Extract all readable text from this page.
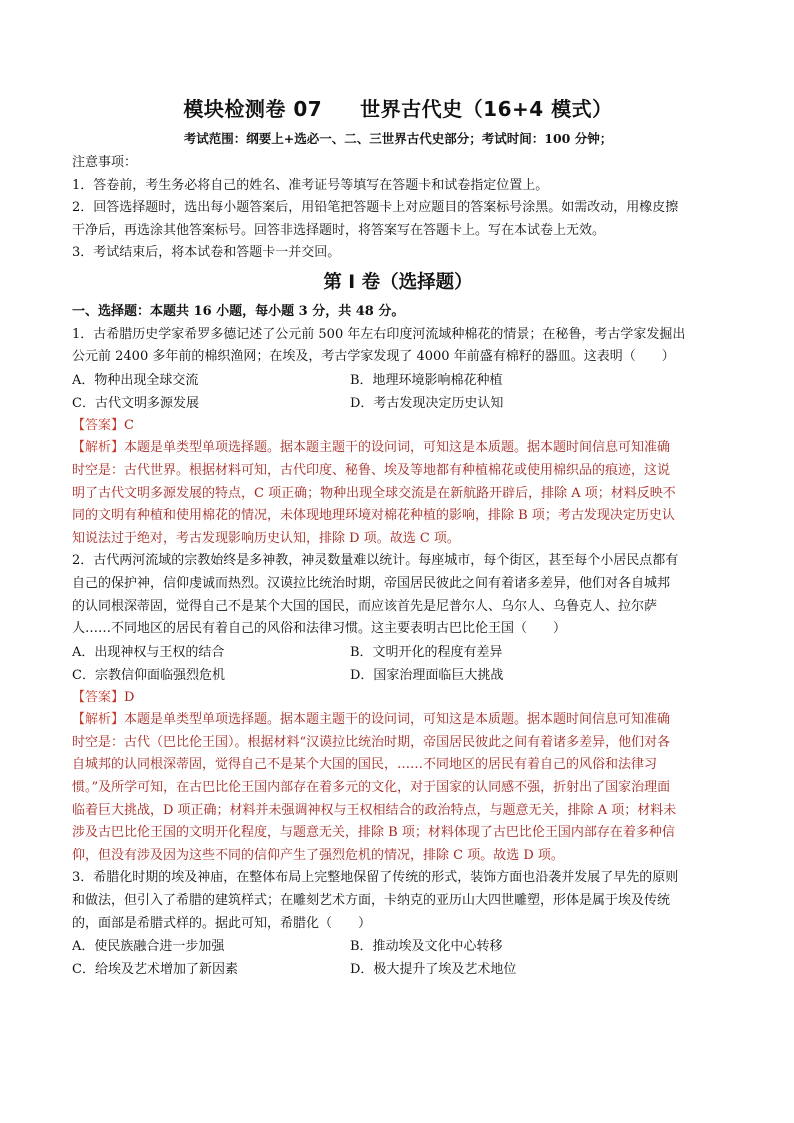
模块检测卷 07 世界古代史（16+4 模式）
考试范围：纲要上+选必一、二、三世界古代史部分；考试时间：100 分钟；
注意事项：
1．答卷前，考生务必将自己的姓名、准考证号等填写在答题卡和试卷指定位置上。
2．回答选择题时，选出每小题答案后，用铅笔把答题卡上对应题目的答案标号涂黑。如需改动，用橡皮擦
干净后，再选涂其他答案标号。回答非选择题时，将答案写在答题卡上。写在本试卷上无效。
3．考试结束后，将本试卷和答题卡一并交回。
第 I 卷（选择题）
一、选择题：本题共 16 小题，每小题 3 分，共 48 分。
1．古希腊历史学家希罗多德记述了公元前 500 年左右印度河流域种棉花的情景；在秘鲁，考古学家发掘出
公元前 2400 多年前的棉织渔网；在埃及，考古学家发现了 4000 年前盛有棉籽的器皿。这表明（　　）
A．物种出现全球交流	B．地理环境影响棉花种植
C．古代文明多源发展	D．考古发现决定历史认知
【答案】C
【解析】本题是单类型单项选择题。据本题主题干的设问词，可知这是本质题。据本题时间信息可知准确
时空是：古代世界。根据材料可知，古代印度、秘鲁、埃及等地都有种植棉花或使用棉织品的痕迹，这说
明了古代文明多源发展的特点，C 项正确；物种出现全球交流是在新航路开辟后，排除 A 项；材料反映不
同的文明有种植和使用棉花的情况，未体现地理环境对棉花种植的影响，排除 B 项；考古发现决定历史认
知说法过于绝对，考古发现影响历史认知，排除 D 项。故选 C 项。
2．古代两河流域的宗教始终是多神教，神灵数量难以统计。每座城市，每个街区，甚至每个小居民点都有
自己的保护神，信仰虔诚而热烈。汉谟拉比统治时期，帝国居民彼此之间有着诸多差异，他们对各自城邦
的认同根深蒂固，觉得自己不是某个大国的国民，而应该首先是尼普尔人、乌尔人、乌鲁克人、拉尔萨
人……不同地区的居民有着自己的风俗和法律习惯。这主要表明古巴比伦王国（　　）
A．出现神权与王权的结合	B．文明开化的程度有差异
C．宗教信仰面临强烈危机	D．国家治理面临巨大挑战
【答案】D
【解析】本题是单类型单项选择题。据本题主题干的设问词，可知这是本质题。据本题时间信息可知准确
时空是：古代（巴比伦王国）。根据材料“汉谟拉比统治时期，帝国居民彼此之间有着诸多差异，他们对各
自城邦的认同根深蒂固，觉得自己不是某个大国的国民，……不同地区的居民有着自己的风俗和法律习
惯。”及所学可知，在古巴比伦王国内部存在着多元的文化，对于国家的认同感不强，折射出了国家治理面
临着巨大挑战，D 项正确；材料并未强调神权与王权相结合的政治特点，与题意无关，排除 A 项；材料未
涉及古巴比伦王国的文明开化程度，与题意无关，排除 B 项；材料体现了古巴比伦王国内部存在着多种信
仰，但没有涉及因为这些不同的信仰产生了强烈危机的情况，排除 C 项。故选 D 项。
3．希腊化时期的埃及神庙，在整体布局上完整地保留了传统的形式，装饰方面也沿袭并发展了早先的原则
和做法，但引入了希腊的建筑样式；在雕刻艺术方面，卡纳克的亚历山大四世雕塑，形体是属于埃及传统
的，面部是希腊式样的。据此可知，希腊化（　　）
A．使民族融合进一步加强	B．推动埃及文化中心转移
C．给埃及艺术增加了新因素	D．极大提升了埃及艺术地位
